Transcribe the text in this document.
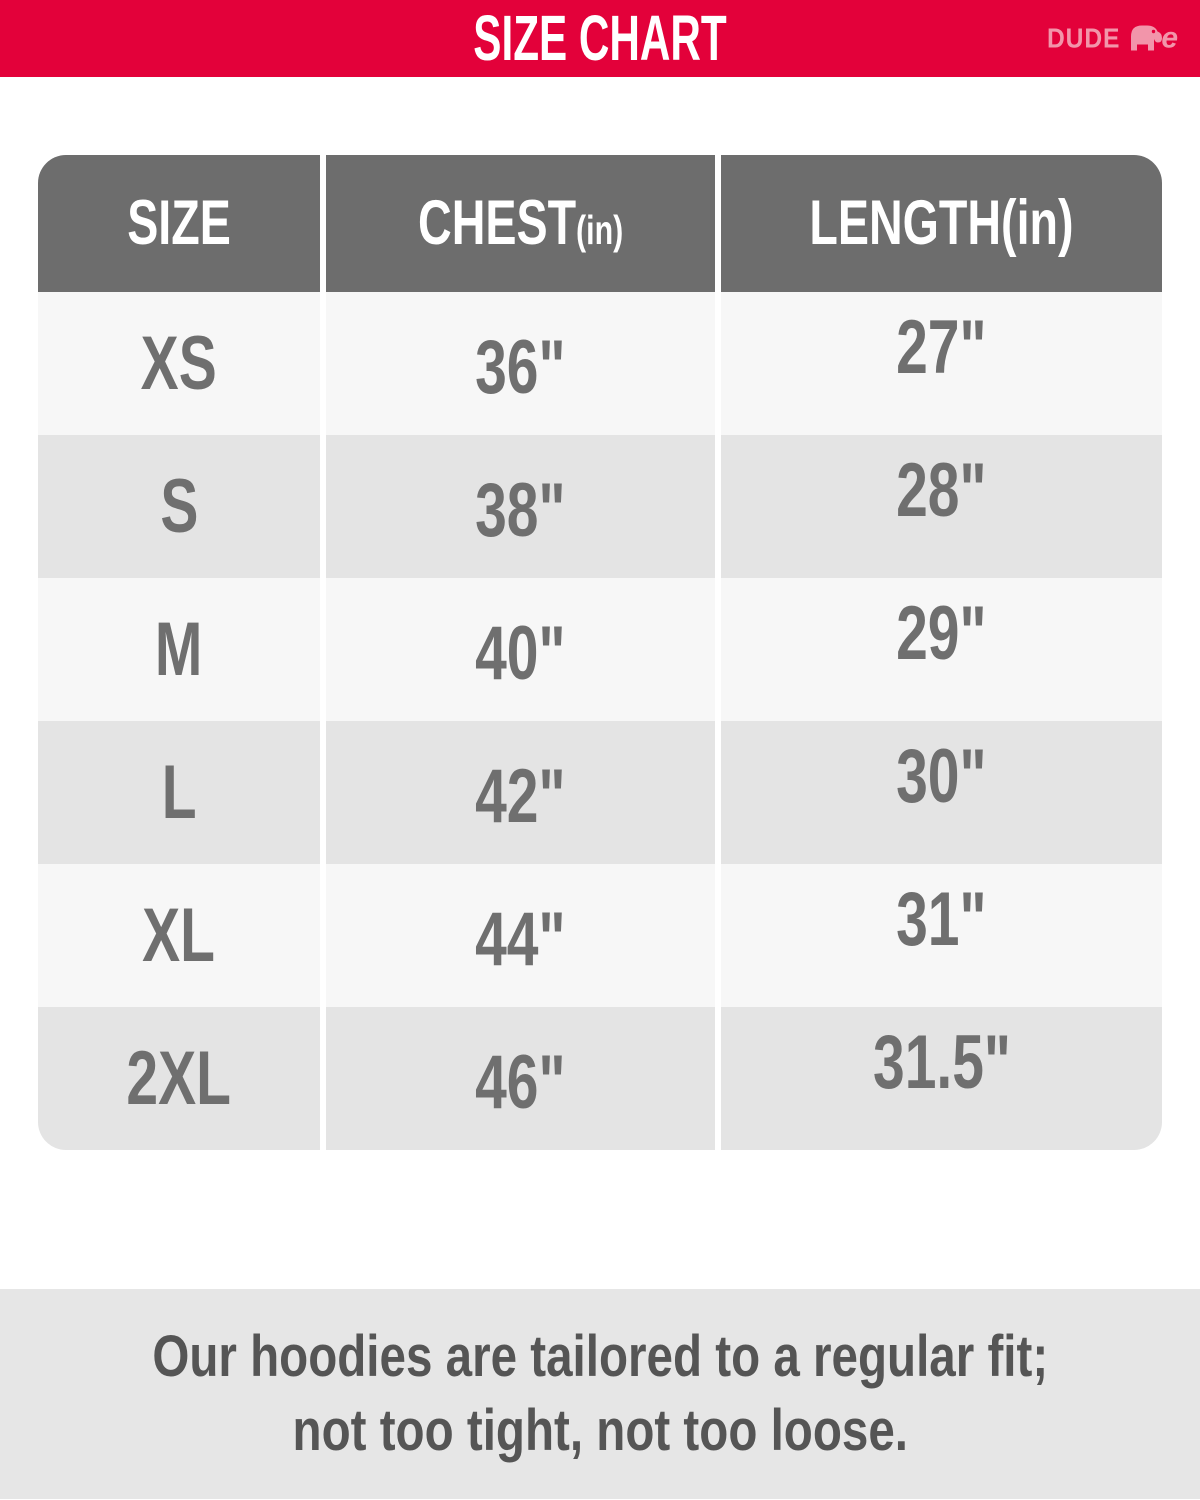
SIZE CHART	DUDE e
SIZE	CHEST (in)	LENGTH (in)
XS	36"	27"
S	38"	28"
M	40"	29"
L	42"	30"
XL	44"	31"
2XL	46"	31.5"
Our hoodies are tailored to a regular fit;
not too tight, not too loose.
